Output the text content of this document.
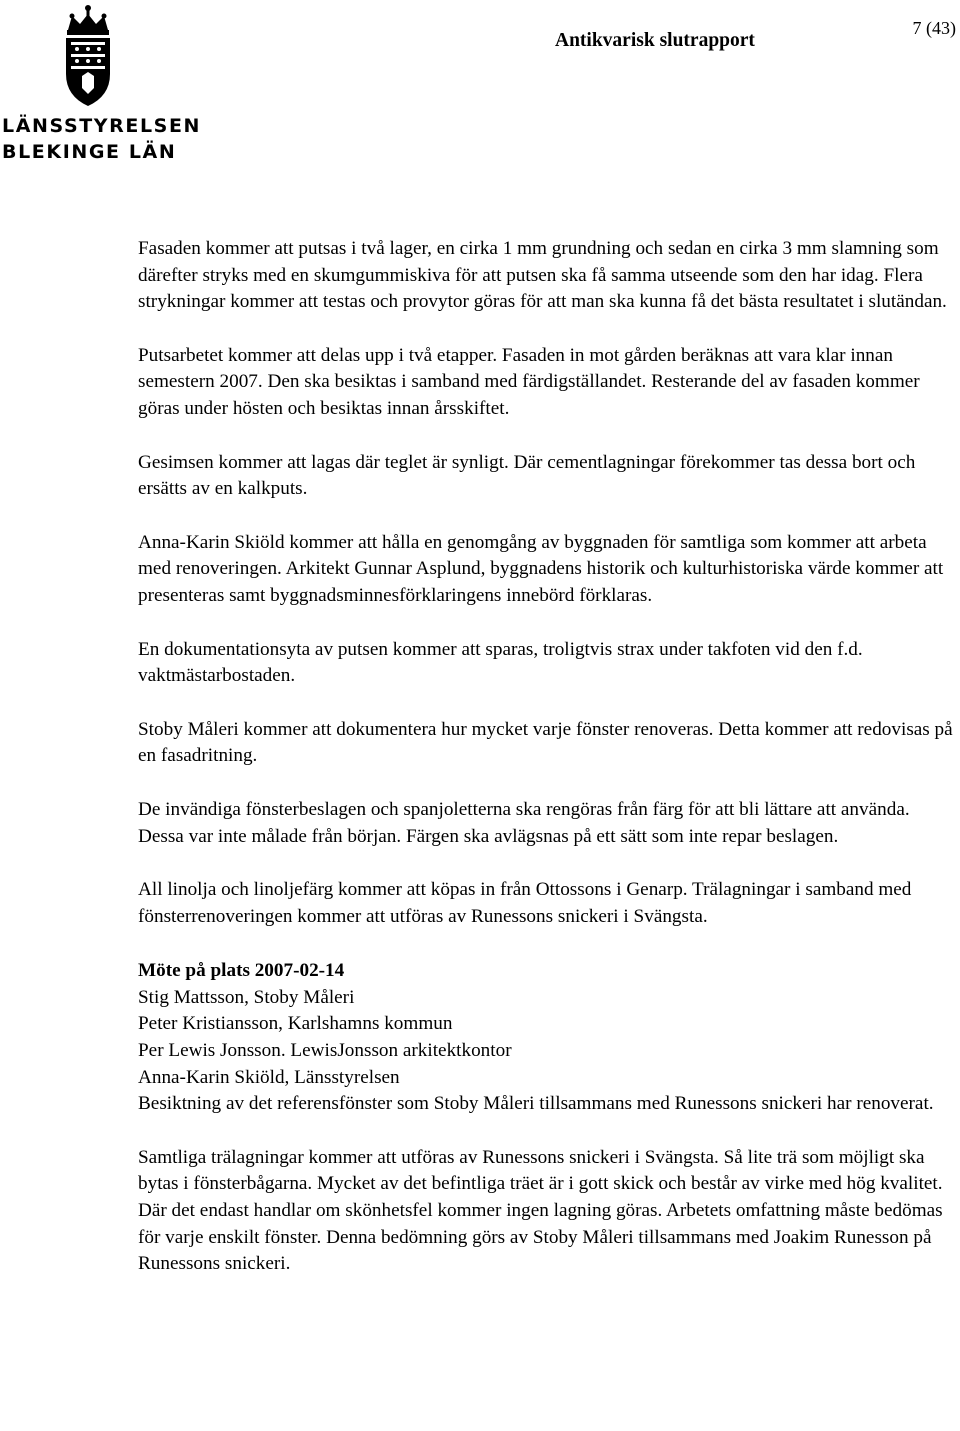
LÄNSSTYRELSEN
BLEKINGE LÄN
Antikvarisk slutrapport
7 (43)

Fasaden kommer att putsas i två lager, en cirka 1 mm grundning och sedan en cirka 3 mm slamning som därefter stryks med en skumgummiskiva för att putsen ska få samma utseende som den har idag. Flera strykningar kommer att testas och provytor göras för att man ska kunna få det bästa resultatet i slutändan.

Putsarbetet kommer att delas upp i två etapper. Fasaden in mot gården beräknas att vara klar innan semestern 2007. Den ska besiktas i samband med färdigställandet. Resterande del av fasaden kommer göras under hösten och besiktas innan årsskiftet.

Gesimsen kommer att lagas där teglet är synligt. Där cementlagningar förekommer tas dessa bort och ersätts av en kalkputs.

Anna-Karin Skiöld kommer att hålla en genomgång av byggnaden för samtliga som kommer att arbeta med renoveringen. Arkitekt Gunnar Asplund, byggnadens historik och kulturhistoriska värde kommer att presenteras samt byggnadsminnesförklaringens innebörd förklaras.

En dokumentationsyta av putsen kommer att sparas, troligtvis strax under takfoten vid den f.d. vaktmästarbostaden.

Stoby Måleri kommer att dokumentera hur mycket varje fönster renoveras. Detta kommer att redovisas på en fasadritning.

De invändiga fönsterbeslagen och spanjoletterna ska rengöras från färg för att bli lättare att använda. Dessa var inte målade från början. Färgen ska avlägsnas på ett sätt som inte repar beslagen.

All linolja och linoljefärg kommer att köpas in från Ottossons i Genarp. Trälagningar i samband med fönsterrenoveringen kommer att utföras av Runessons snickeri i Svängsta.

Möte på plats 2007-02-14
Stig Mattsson, Stoby Måleri
Peter Kristiansson, Karlshamns kommun
Per Lewis Jonsson. LewisJonsson arkitektkontor
Anna-Karin Skiöld, Länsstyrelsen

Besiktning av det referensfönster som Stoby Måleri tillsammans med Runessons snickeri har renoverat.

Samtliga trälagningar kommer att utföras av Runessons snickeri i Svängsta. Så lite trä som möjligt ska bytas i fönsterbågarna. Mycket av det befintliga träet är i gott skick och består av virke med hög kvalitet. Där det endast handlar om skönhetsfel kommer ingen lagning göras. Arbetets omfattning måste bedömas för varje enskilt fönster. Denna bedömning görs av Stoby Måleri tillsammans med Joakim Runesson på Runessons snickeri.
